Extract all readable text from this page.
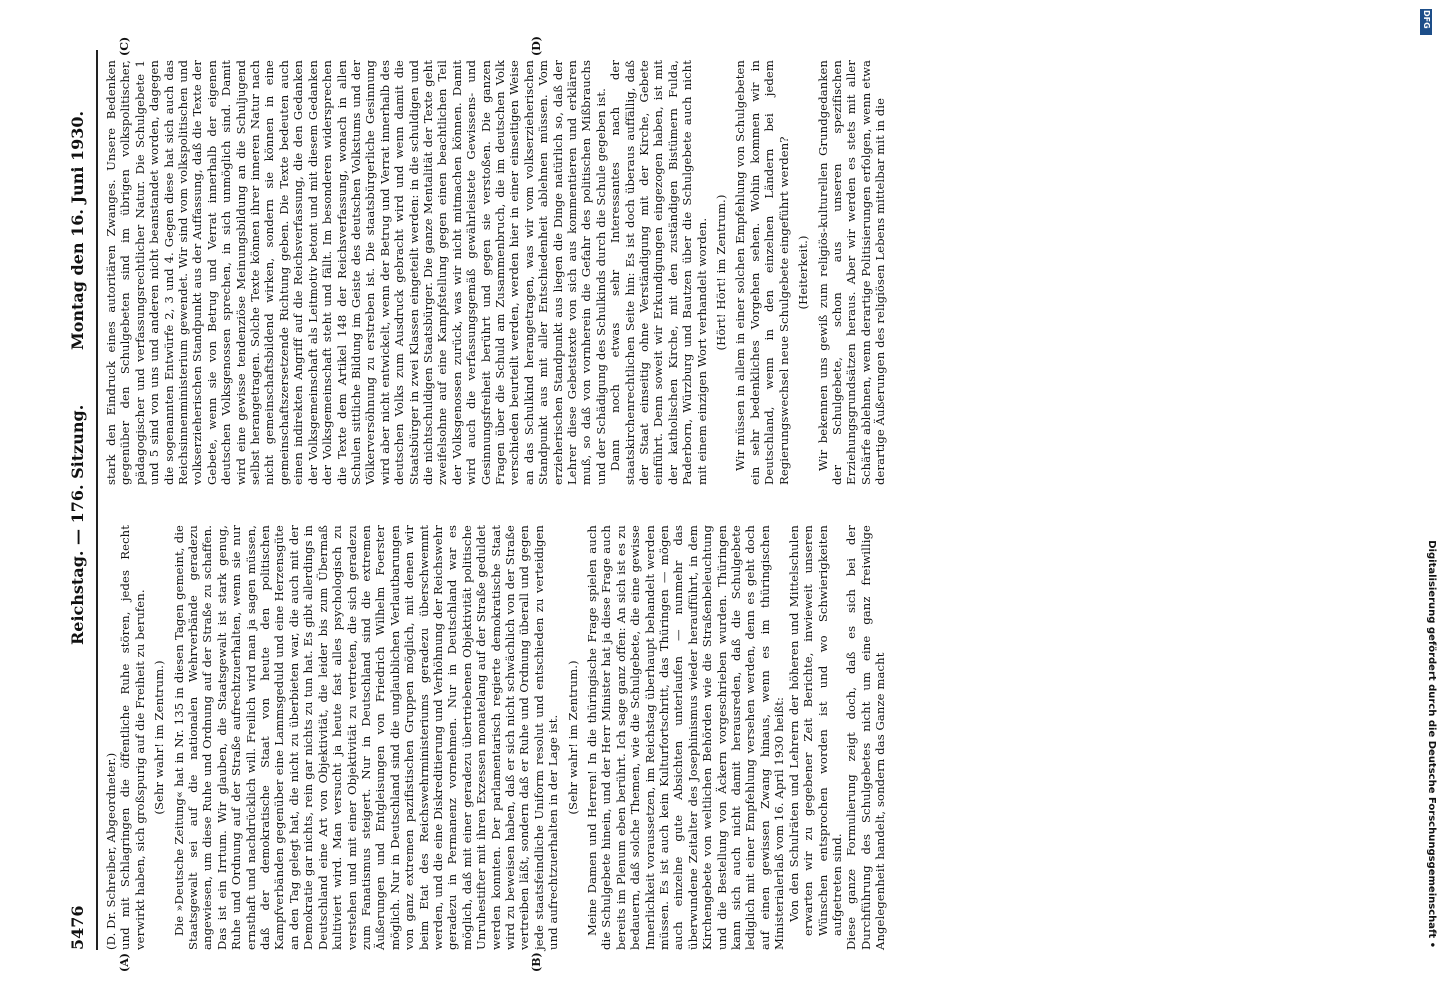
5476
Reichstag. — 176. Sitzung.
Montag den 16. Juni 1930.

(D. Dr. Schreiber, Abgeordneter.) und mit Schlagringen die öffentliche Ruhe stören, jedes Recht verwirkt haben, sich großspurig auf die Freiheit zu berufen. (Sehr wahr! im Zentrum.) Die »Deutsche Zeitung« hat in Nr. 135 in diesen Tagen gemeint, die Staatsgewalt sei auf die nationalen Wehrverbände geradezu angewiesen, um diese Ruhe und Ordnung auf der Straße zu schaffen. Das ist ein Irrtum. Wir glauben, die Staatsgewalt ist stark genug, Ruhe und Ordnung auf der Straße aufrechtzuerhalten, wenn sie nur ernsthaft und nachdrücklich will. Freilich wird man ja sagen müssen, daß der demokratische Staat von heute den politischen Kampfverbänden gegenüber eine Lammsgeduld und eine Herzensgüte an den Tag gelegt hat, die nicht zu überbieten war, die auch mit der Demokratie gar nichts, rein gar nichts zu tun hat. Es gibt allerdings in Deutschland eine Art von Objektivität, die leider bis zum Übermaß kultiviert wird. Man versucht ja heute fast alles psychologisch zu verstehen und mit einer Objektivität zu vertreten, die sich geradezu zum Fanatismus steigert. Nur in Deutschland sind die extremen Äußerungen und Entgleisungen von Friedrich Wilhelm Foerster möglich. Nur in Deutschland sind die unglaublichen Verlautbarungen von ganz extremen pazifistischen Gruppen möglich, mit denen wir beim Etat des Reichswehrministeriums geradezu überschwemmt werden, und die eine Diskreditierung und Verhöhnung der Reichswehr geradezu in Permanenz vornehmen. Nur in Deutschland war es möglich, daß mit einer geradezu übertriebenen Objektivität politische Unruhestifter mit ihren Exzessen monatelang auf der Straße geduldet werden konnten. Der parlamentarisch regierte demokratische Staat wird zu beweisen haben, daß er sich nicht schwächlich von der Straße vertreiben läßt, sondern daß er Ruhe und Ordnung überall und gegen jede staatsfeindliche Uniform resolut und entschieden zu verteidigen und aufrechtzuerhalten in der Lage ist. (Sehr wahr! im Zentrum.) Meine Damen und Herren! In die thüringische Frage spielen auch die Schulgebete hinein, und der Herr Minister hat ja diese Frage auch bereits im Plenum eben berührt. Ich sage ganz offen: An sich ist es zu bedauern, daß solche Themen, wie die Schulgebete, die eine gewisse Innerlichkeit voraussetzen, im Reichstag überhaupt behandelt werden müssen. Es ist auch kein Kulturfortschritt, das Thüringen — mögen auch einzelne gute Absichten unterlaufen — nunmehr das überwundene Zeitalter des Josephinismus wieder heraufführt, in dem Kirchengebete von weltlichen Behörden wie die Straßenbeleuchtung und die Bestellung von Äckern vorgeschrieben wurden. Thüringen kann sich auch nicht damit herausreden, daß die Schulgebete lediglich mit einer Empfehlung versehen werden, denn es geht doch auf einen gewissen Zwang hinaus, wenn es im thüringischen Ministerialerlaß vom 16. April 1930 heißt: Von den Schulräten und Lehrern der höheren und Mittelschulen erwarten wir zu gegebener Zeit Berichte, inwieweit unseren Wünschen entsprochen worden ist und wo Schwierigkeiten aufgetreten sind. Diese ganze Formulierung zeigt doch, daß es sich bei der Durchführung des Schulgebetes nicht um eine ganz freiwillige Angelegenheit handelt, sondern das Ganze macht

stark den Eindruck eines autoritären Zwanges. Unsere Bedenken gegenüber den Schulgebeten sind im übrigen volkspolitischer, pädagogischer und verfassungsrechtlicher Natur. Die Schulgebete 1 und 5 sind von uns und anderen nicht beanstandet worden, dagegen die sogenannten Entwürfe 2, 3 und 4. Gegen diese hat sich auch das Reichsinnenministerium gewendet. Wir sind vom volkspolitischen und volkserzieherischen Standpunkt aus der Auffassung, daß die Texte der Gebete, wenn sie von Betrug und Verrat innerhalb der eigenen deutschen Volksgenossen sprechen, in sich unmöglich sind. Damit wird eine gewisse tendenziöse Meinungsbildung an die Schuljugend selbst herangetragen. Solche Texte können ihrer inneren Natur nach nicht gemeinschaftsbildend wirken, sondern sie können in eine gemeinschaftszersetzende Richtung geben. Die Texte bedeuten auch einen indirekten Angriff auf die Reichsverfassung, die den Gedanken der Volksgemeinschaft als Leitmotiv betont und mit diesem Gedanken der Volksgemeinschaft steht und fällt. Im besonderen widersprechen die Texte dem Artikel 148 der Reichsverfassung, wonach in allen Schulen sittliche Bildung im Geiste des deutschen Volkstums und der Völkerversöhnung zu erstreben ist. Die staatsbürgerliche Gesinnung wird aber nicht entwickelt, wenn der Betrug und Verrat innerhalb des deutschen Volks zum Ausdruck gebracht wird und wenn damit die Staatsbürger in zwei Klassen eingeteilt werden: in die schuldigen und die nichtschuldigen Staatsbürger. Die ganze Mentalität der Texte geht zweifelsohne auf eine Kampfstellung gegen einen beachtlichen Teil der Volksgenossen zurück, was wir nicht mitmachen können. Damit wird auch die verfassungsgemäß gewährleistete Gewissens- und Gesinnungsfreiheit berührt und gegen sie verstoßen. Die ganzen Fragen über die Schuld am Zusammenbruch, die im deutschen Volk verschieden beurteilt werden, werden hier in einer einseitigen Weise an das Schulkind herangetragen, was wir vom volkserzieherischen Standpunkt aus mit aller Entschiedenheit ablehnen müssen. Vom erzieherischen Standpunkt aus liegen die Dinge natürlich so, daß der Lehrer diese Gebetstexte von sich aus kommentieren und erklären muß, so daß von vornherein die Gefahr des politischen Mißbrauchs und der Schädigung des Schulkinds durch die Schule gegeben ist. Dann noch etwas sehr Interessantes nach der staatskirchenrechtlichen Seite hin: Es ist doch überaus auffällig, daß der Staat einseitig ohne Verständigung mit der Kirche, Gebete einführt. Denn soweit wir Erkundigungen eingezogen haben, ist mit der katholischen Kirche, mit den zuständigen Bistümern Fulda, Paderborn, Würzburg und Bautzen über die Schulgebete auch nicht mit einem einzigen Wort verhandelt worden. (Hört! Hört! im Zentrum.) Wir müssen in allem in einer solchen Empfehlung von Schulgebeten ein sehr bedenkliches Vorgehen sehen. Wohin kommen wir in Deutschland, wenn in den einzelnen Ländern bei jedem Regierungswechsel neue Schulgebete eingeführt werden? (Heiterkeit.) Wir bekennen uns gewiß zum religiös-kulturellen Grundgedanken der Schulgebete, schon aus unseren spezifischen Erziehungsgrundsätzen heraus. Aber wir werden es stets mit aller Schärfe ablehnen, wenn derartige Politisierungen erfolgen, wenn etwa derartige Äußerungen des religiösen Lebens mittelbar mit in die

(A)	(B)
(C)	(D)
Digitalisierung gefördert durch die Deutsche Forschungsgemeinschaft •
DFG
